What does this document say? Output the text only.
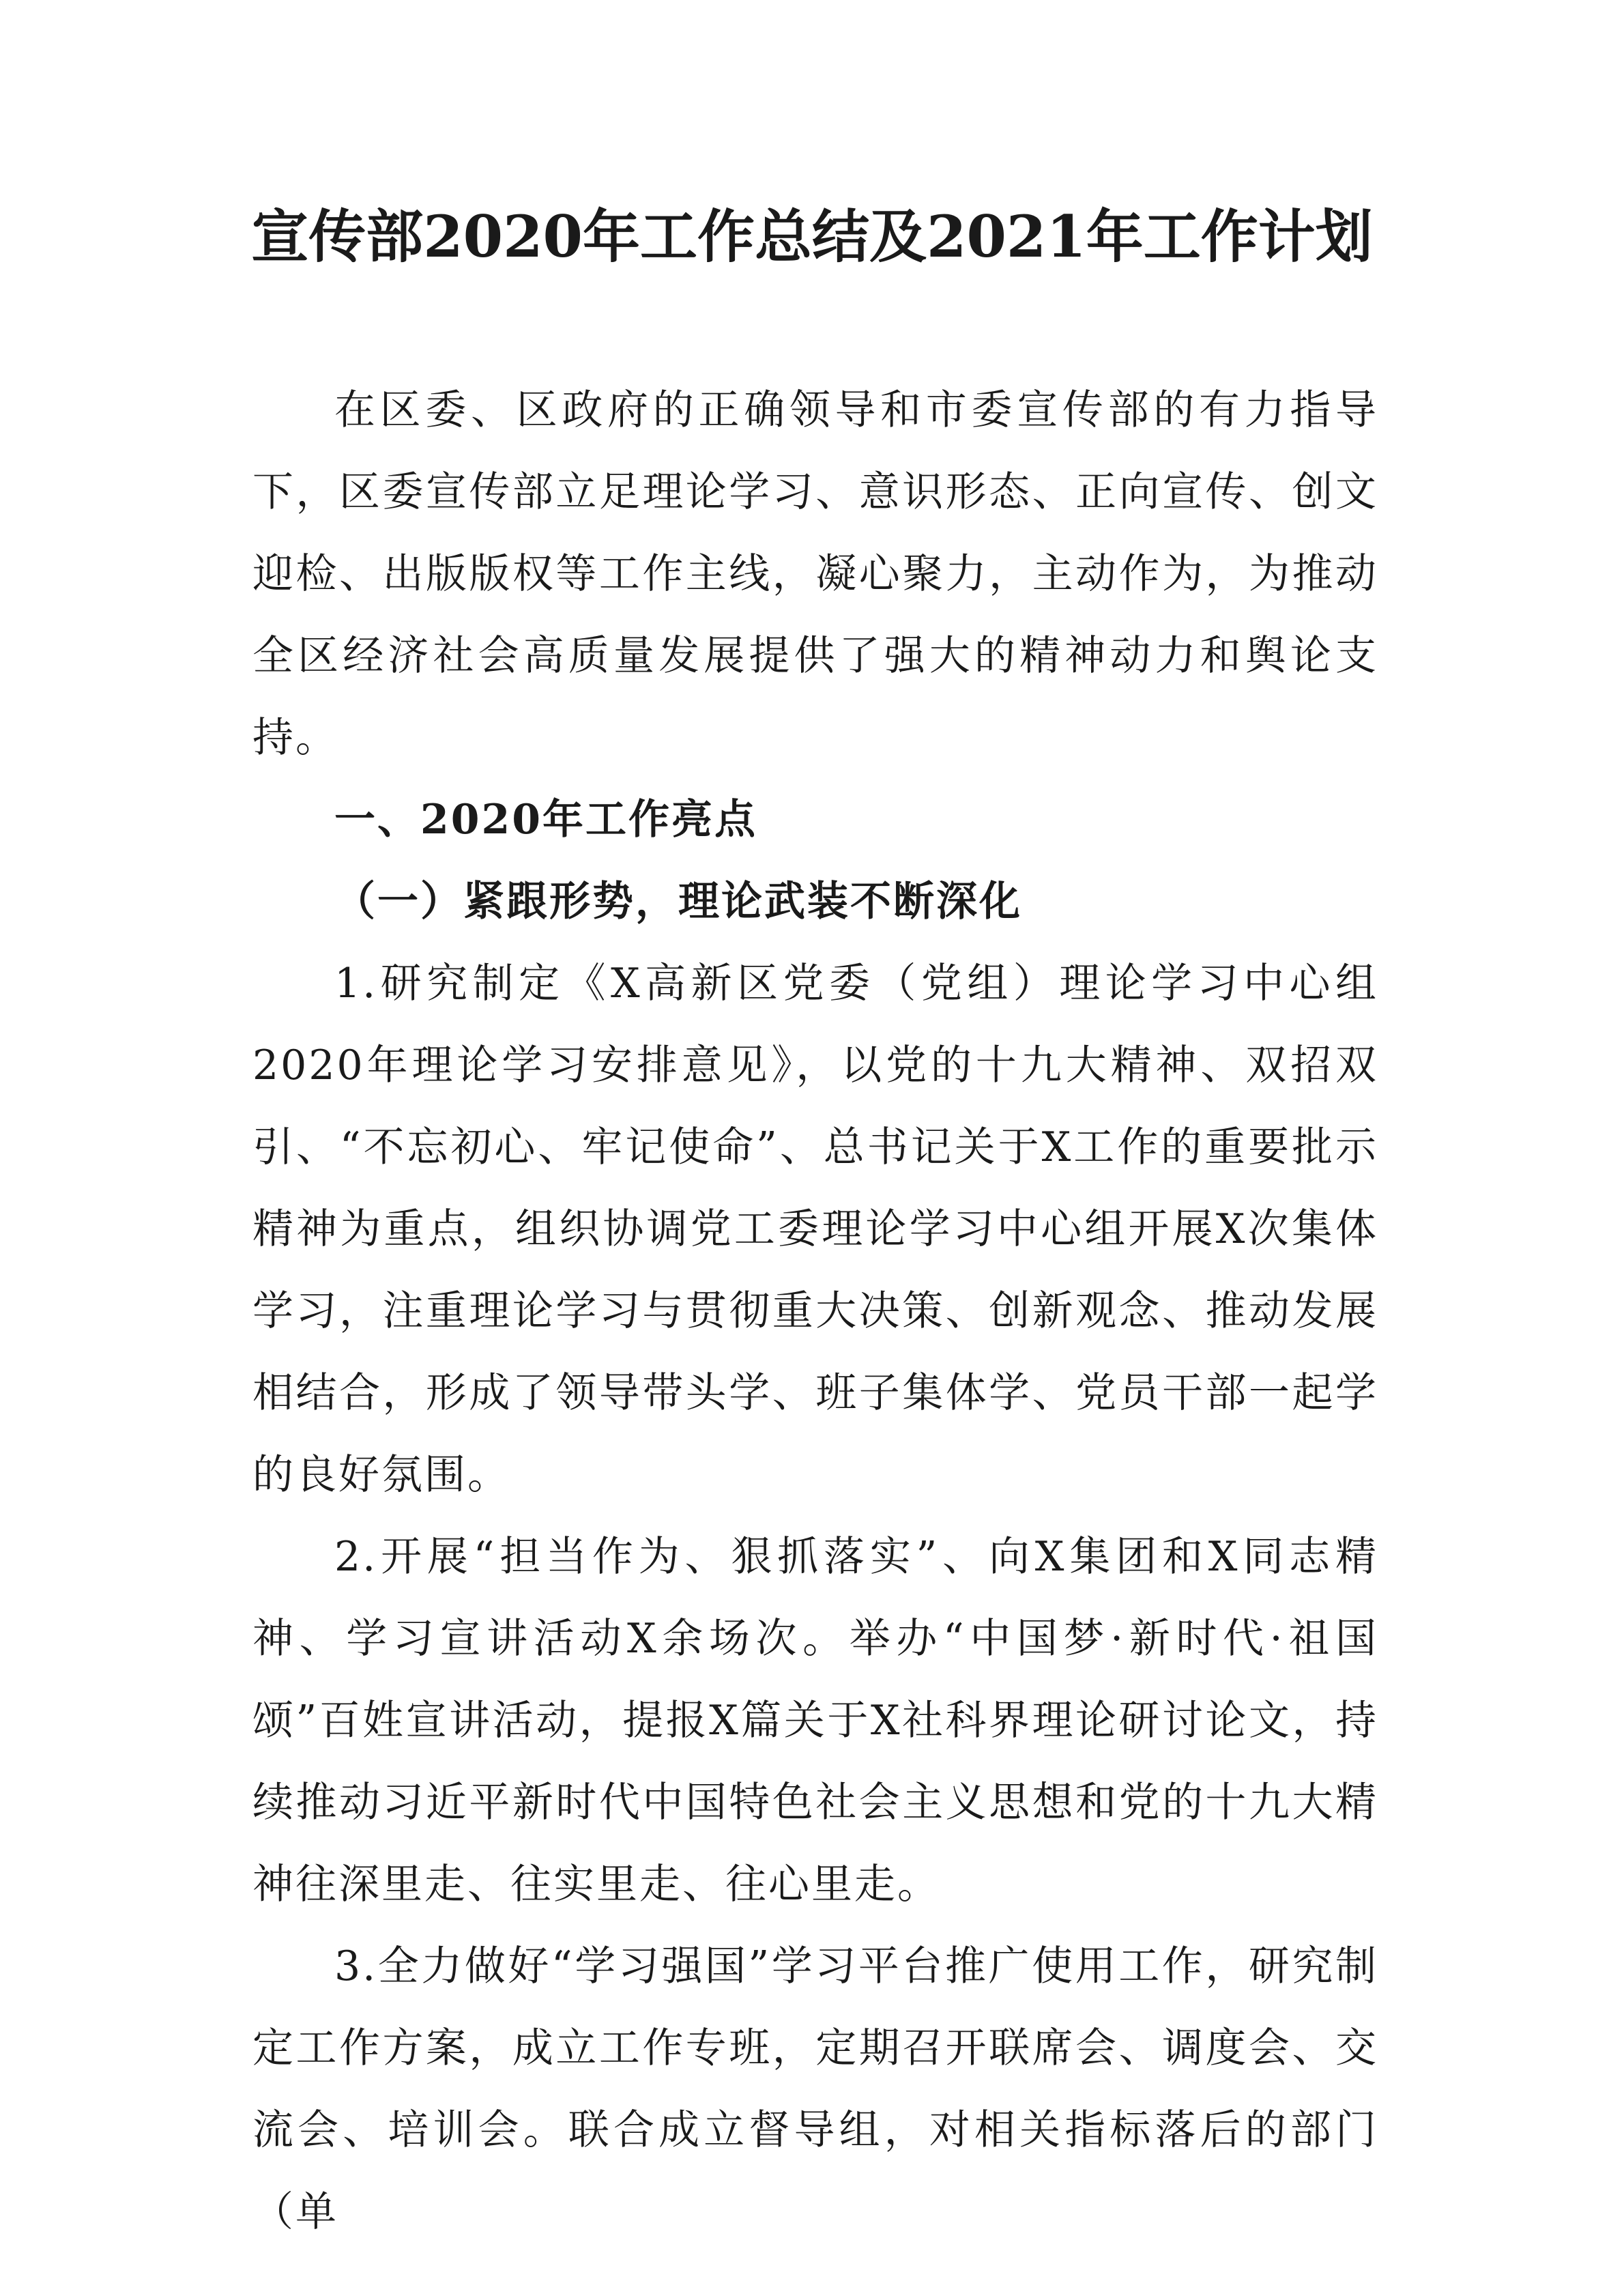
宣传部2020年工作总结及2021年工作计划

在区委、区政府的正确领导和市委宣传部的有力指导下，区委宣传部立足理论学习、意识形态、正向宣传、创文迎检、出版版权等工作主线，凝心聚力，主动作为，为推动全区经济社会高质量发展提供了强大的精神动力和舆论支持。

一、2020年工作亮点

（一）紧跟形势，理论武装不断深化

1.研究制定《X高新区党委（党组）理论学习中心组2020年理论学习安排意见》，以党的十九大精神、双招双引、“不忘初心、牢记使命”、总书记关于X工作的重要批示精神为重点，组织协调党工委理论学习中心组开展X次集体学习，注重理论学习与贯彻重大决策、创新观念、推动发展相结合，形成了领导带头学、班子集体学、党员干部一起学的良好氛围。

2.开展“担当作为、狠抓落实”、向X集团和X同志精神、学习宣讲活动X余场次。举办“中国梦·新时代·祖国颂”百姓宣讲活动，提报X篇关于X社科界理论研讨论文，持续推动习近平新时代中国特色社会主义思想和党的十九大精神往深里走、往实里走、往心里走。

3.全力做好“学习强国”学习平台推广使用工作，研究制定工作方案，成立工作专班，定期召开联席会、调度会、交流会、培训会。联合成立督导组，对相关指标落后的部门（单
